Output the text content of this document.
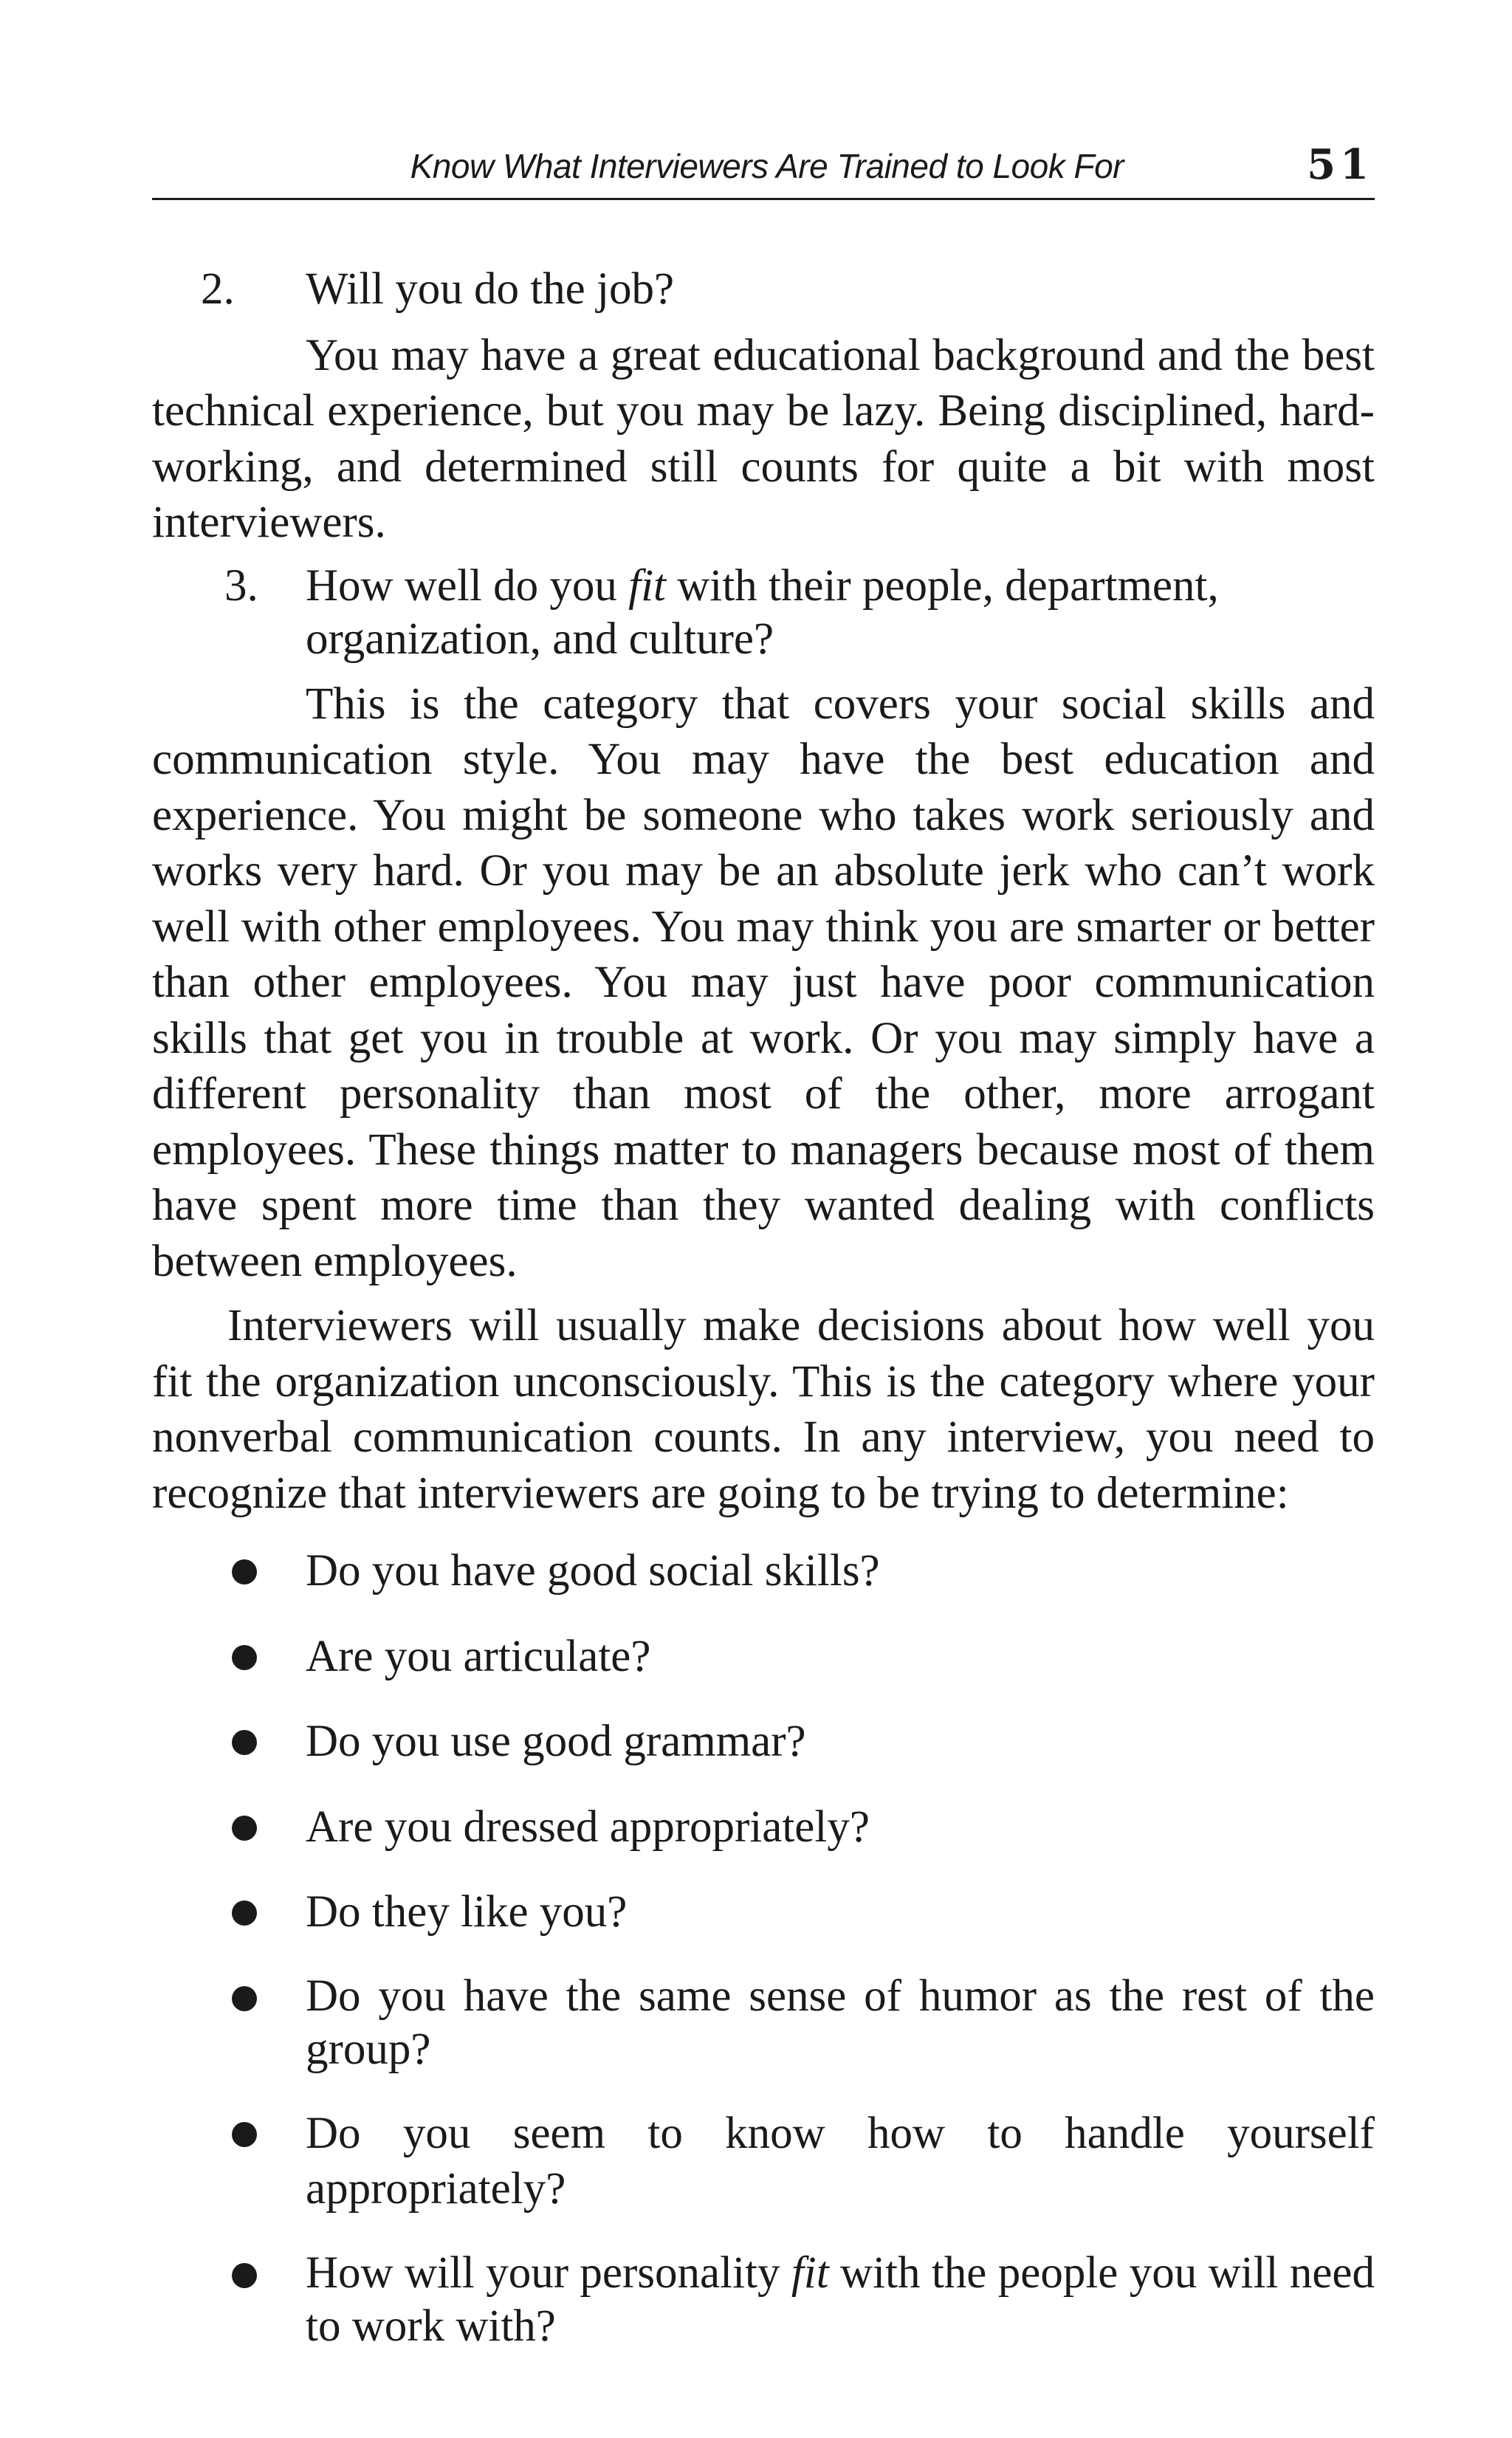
Know What Interviewers Are Trained to Look For	51
2. Will you do the job?

You may have a great educational background and the best technical experience, but you may be lazy. Being disciplined, hard-working, and determined still counts for quite a bit with most interviewers.

3. How well do you fit with their people, department, organization, and culture?

This is the category that covers your social skills and communication style. You may have the best education and experience. You might be someone who takes work seriously and works very hard. Or you may be an absolute jerk who can’t work well with other employees. You may think you are smarter or better than other employees. You may just have poor communication skills that get you in trouble at work. Or you may simply have a different personality than most of the other, more arrogant employees. These things matter to managers because most of them have spent more time than they wanted dealing with conflicts between employees.

Interviewers will usually make decisions about how well you fit the organization unconsciously. This is the category where your nonverbal communication counts. In any interview, you need to recognize that interviewers are going to be trying to determine:

Do you have good social skills?
Are you articulate?
Do you use good grammar?
Are you dressed appropriately?
Do they like you?
Do you have the same sense of humor as the rest of the group?
Do you seem to know how to handle yourself appropriately?
How will your personality fit with the people you will need to work with?
